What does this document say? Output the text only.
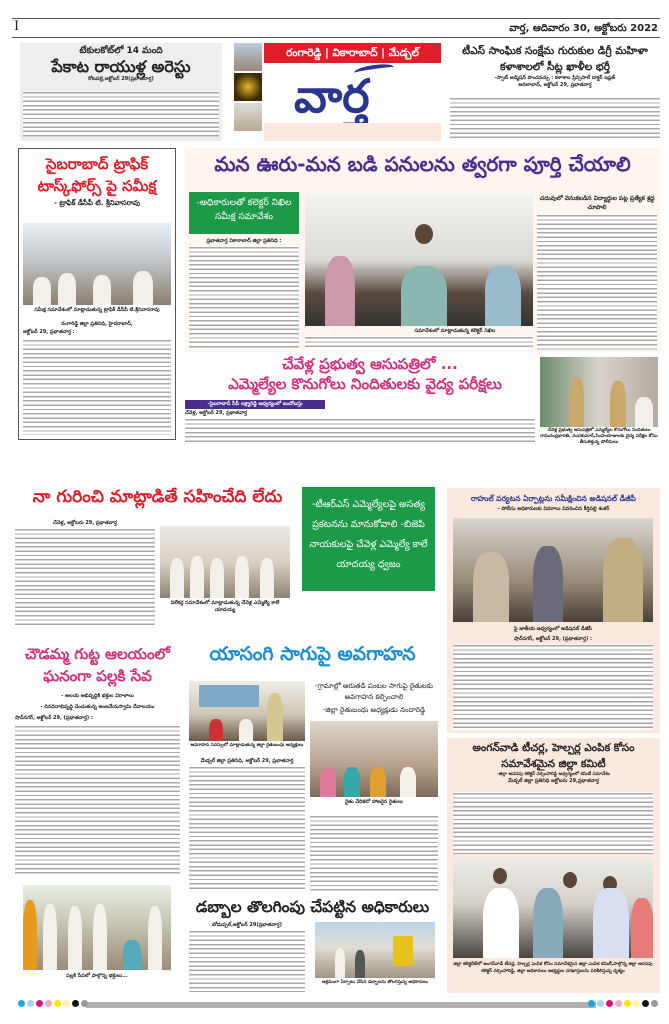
I	వార్త, ఆదివారం 30, అక్టోబరు 2022
టేకులకోట్‌లో 14 మంది
పేకాట రాయుళ్ల అరెస్టు
కోటపల్లి,అక్టోబర్ 29(ప్రభాతవార్త)
రంగారెడ్డి | వికారాబాద్ | మేడ్చల్
వార్త
టీఎస్ సాంఘిక సంక్షేమ గురుకుల డిగ్రీ మహిళా కళాశాలలో సీట్ల ఖాళీల భర్తీ
-స్పాట్ అడ్మిషన్ పొందవచ్చు : కళాశాల ప్రిన్సిపాల్ డాక్టర్ ఇఫ్రత్
అదిలాబాద్, అక్టోబర్ 29, ప్రభాతవార్త
సైబరాబాద్ ట్రాఫిక్ టాస్క్‌ఫోర్స్ పై సమీక్ష
- ట్రాఫిక్ డీసీపీ టి. శ్రీనివాసరావు
సమీక్ష సమావేశంలో మాట్లాడుతున్న ట్రాఫిక్ డీసీపీ టి.శ్రీనివాసరావు
రంగారెడ్డి జిల్లా ప్రతినిధి, హైదరాబాద్,
అక్టోబర్ 29, ప్రభాతవార్త :
మన ఊరు-మన బడి పనులను త్వరగా పూర్తి చేయాలి
-అధికారులతో కలెక్టర్ నిఖిల సమీక్ష సమావేశం
ప్రభాతవార్త వికారాబాద్ జిల్లా ప్రతినిధి :
సమావేశంలో మాట్లాడుతున్న కలెక్టర్ నిఖిల
చదువులో వెనుకబడిన విద్యార్థుల పట్ల ప్రత్యేక శ్రద్ధ చూపాలి
చేవేళ్ల ప్రభుత్వ ఆసుపత్రిలో ...
ఎమ్మెల్యేల కొనుగోలు నిందితులకు వైద్య పరీక్షలు
-సైబరాబాద్ సీపీ లక్ష్మారెడ్డి ఆధ్వర్యంలో బందోబస్తు
చేవెళ్ల, అక్టోబర్ 29, ప్రభాతవార్త
చేవెళ్ల ప్రభుత్వ ఆసుపత్రిలో ఎమ్మెల్యేల కొనుగోలు నిందితులు రామచంద్రభారతి, నందకుమార్,సింహయాజులకు వైద్య పరీక్షల కోసం తీసుకెళ్తున్న పోలీసులు
నా గురించి మాట్లాడితే సహించేది లేదు
చేవెళ్ల, అక్టోబరు 29, ప్రభాతవార్త
విలేకర్ల సమావేశంలో మాట్లాడుతున్న చేవెళ్ల ఎమ్మెల్యే కాలే యాదయ్య
-టీఆర్ఎస్ ఎమ్మెల్యేలపై అసత్య ప్రకటనను మానుకోవాలి -బిజెపి నాయకులపై చేవెళ్ల ఎమ్మెల్యే కాలే యాదయ్య ధ్వజం
రాహుల్ పర్యటన ఏర్పాట్లను సమీక్షించిన అడిషనల్ డీజీపీ
- పోలీసు అధికారులకు వివరాలు వివరించిన కీర్తిపల్లి శంకర్
పై జాతీయ ఆధ్వర్యంలో అడిషనల్ డీజీపీ
షాద్‌నగర్, అక్టోబర్ 29, (ప్రభాతవార్త) :
చౌడమ్మ గుట్ట ఆలయంలో ఘనంగా పల్లకి సేవ
- ఆలయ అభివృద్ధికి భక్తుల విరాళాలు
- దినదినాభివృద్ధి చెందుతున్న అంజనేయస్వామి దేవాలయం
షాద్‌నగర్, అక్టోబర్ 29, (ప్రభాతవార్త) :
పల్లకి సేవలో పాల్గొన్న భక్తులు...
యాసంగి సాగుపై అవగాహన
అవగాహన సదస్సులో మాట్లాడుతున్న జిల్లా రైతుబంధు అధ్యక్షులు
మేడ్చల్ జిల్లా ప్రతినిధి, అక్టోబర్ 29, ప్రభాతవార్త
-గ్రామాల్లో ఆరుతడి పంటల సాగుపై రైతులకు అవగాహన కల్పించాలి
-జిల్లా రైతుబంధు అధ్యక్షుడు నందారెడ్డి
రైతు వేదికలో హాజరైన రైతులు
డబ్బాల తొలగింపు చేపట్టిన అధికారులు
బోడుప్పల్,అక్టోబర్ 29(ప్రభాతవార్త)
అక్రమంగా ఏర్పాటు చేసిన డబ్బాలను తొలగిస్తున్న అధికారులు
అంగన్‌వాడి టీచర్ల, హెల్పర్ల ఎంపిక కోసం సమావేశమైన జిల్లా కమిటీ
-జిల్లా అదనపు కలెక్టర్ నర్సింహారెడ్డి ఆధ్వర్యంలో కమిటీ సమావేశం
మేడ్చల్ జిల్లా ప్రతినిధి అక్టోబరు 29,ప్రభాతవార్త
జిల్లా కలెక్టరేట్‌లో అంగన్‌వాడీ టీచర్ల, హెల్పర్ల ఎంపిక కోసం సమావేశమైన జిల్లా ఎంపిక కమిటీ,పాల్గొన్న జిల్లా అదనపు కలెక్టర్ నర్సింహారెడ్డి, జిల్లా అధికారులు అభ్యర్థుల దరఖాస్తులను పరిశీలిస్తున్న దృశ్యం
